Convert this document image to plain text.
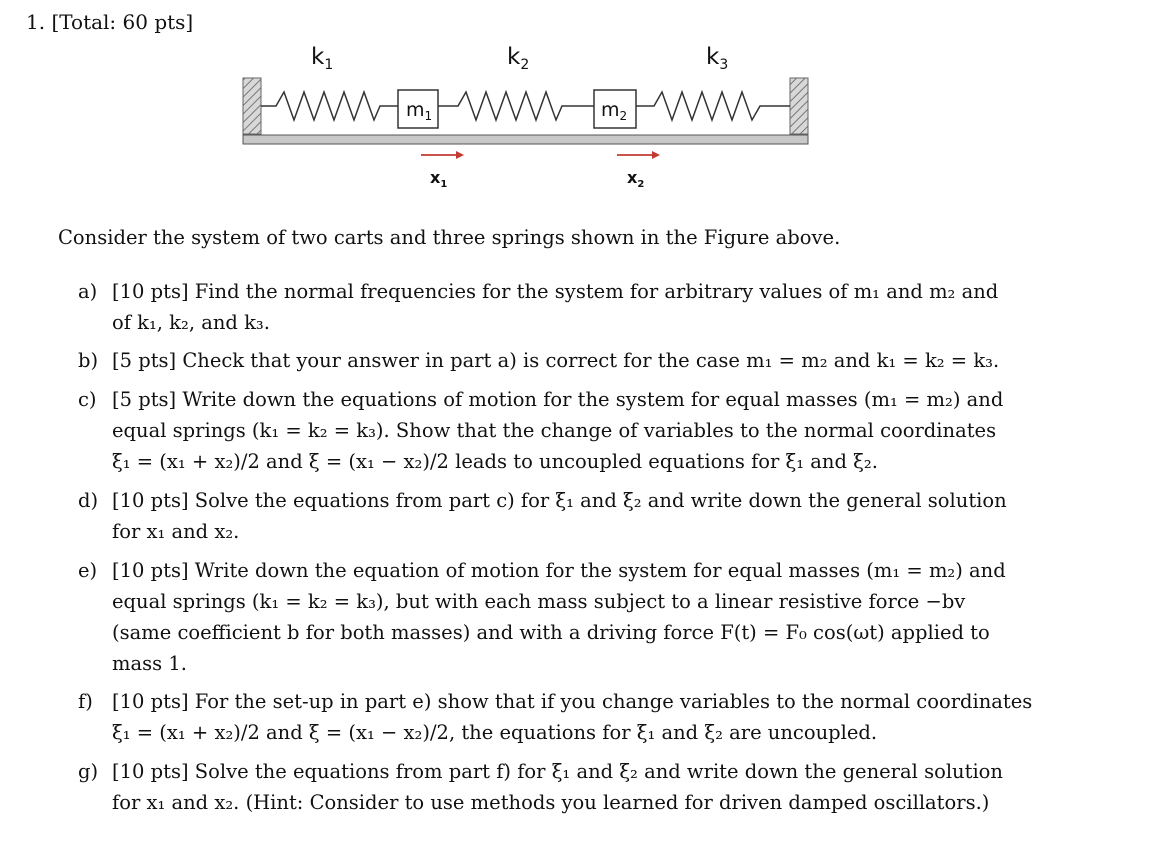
1. [Total: 60 pts]
$m_1$	$m_2$
$k_1$	$k_2$	$k_3$
$x_1$	$x_2$
Consider the system of two carts and three springs shown in the Figure above.
a) [10 pts] Find the normal frequencies for the system for arbitrary values of m₁ and m₂ and
of k₁, k₂, and k₃.
b) [5 pts] Check that your answer in part a) is correct for the case m₁ = m₂ and k₁ = k₂ = k₃.
c) [5 pts] Write down the equations of motion for the system for equal masses (m₁ = m₂) and
equal springs (k₁ = k₂ = k₃). Show that the change of variables to the normal coordinates
ξ₁ = (x₁ + x₂)/2 and ξ = (x₁ − x₂)/2 leads to uncoupled equations for ξ₁ and ξ₂.
d) [10 pts] Solve the equations from part c) for ξ₁ and ξ₂ and write down the general solution
for x₁ and x₂.
e) [10 pts] Write down the equation of motion for the system for equal masses (m₁ = m₂) and
equal springs (k₁ = k₂ = k₃), but with each mass subject to a linear resistive force −bv
(same coefficient b for both masses) and with a driving force F(t) = F₀ cos(ωt) applied to
mass 1.
f) [10 pts] For the set-up in part e) show that if you change variables to the normal coordinates
ξ₁ = (x₁ + x₂)/2 and ξ = (x₁ − x₂)/2, the equations for ξ₁ and ξ₂ are uncoupled.
g) [10 pts] Solve the equations from part f) for ξ₁ and ξ₂ and write down the general solution
for x₁ and x₂. (Hint: Consider to use methods you learned for driven damped oscillators.)
